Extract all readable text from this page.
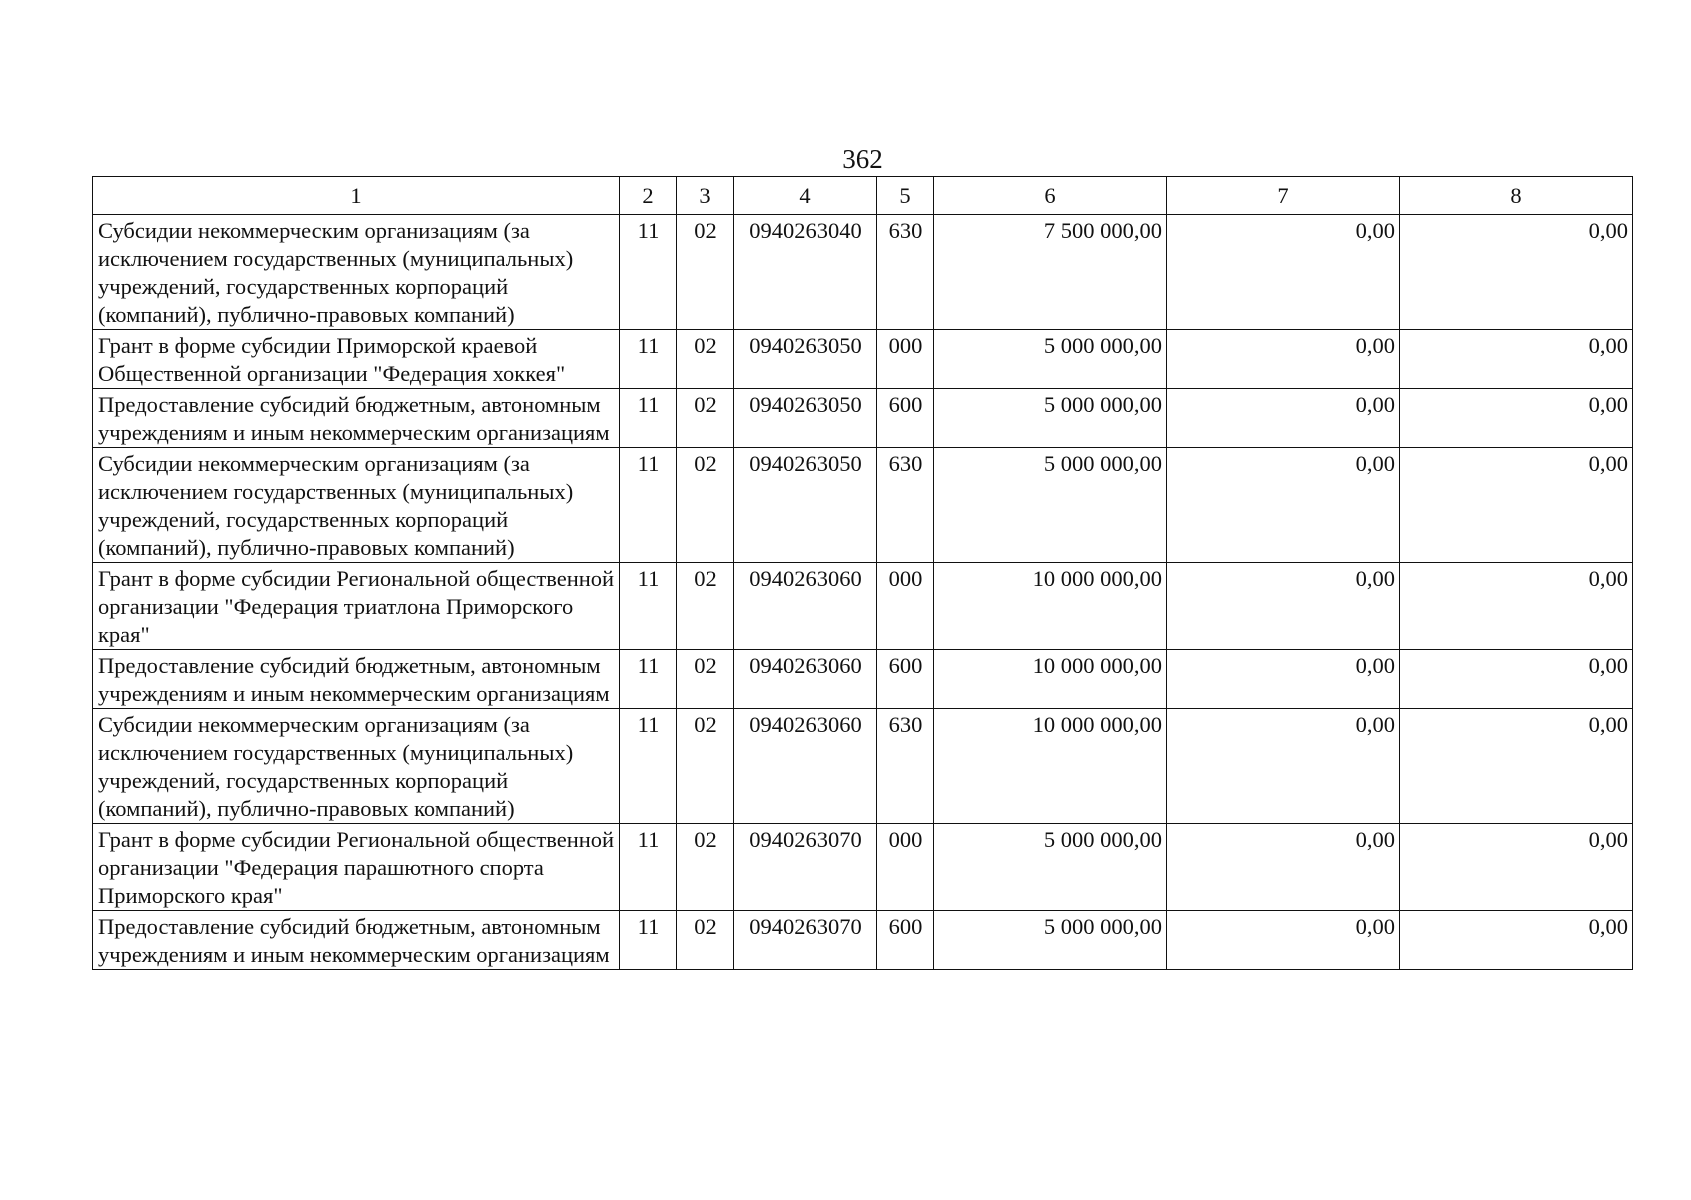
362
1	2	3	4	5	6	7	8
Субсидии некоммерческим организациям (за исключением государственных (муниципальных) учреждений, государственных корпораций (компаний), публично-правовых компаний)	11	02	0940263040	630	7 500 000,00	0,00	0,00
Грант в форме субсидии Приморской краевой Общественной организации "Федерация хоккея"	11	02	0940263050	000	5 000 000,00	0,00	0,00
Предоставление субсидий бюджетным, автономным учреждениям и иным некоммерческим организациям	11	02	0940263050	600	5 000 000,00	0,00	0,00
Субсидии некоммерческим организациям (за исключением государственных (муниципальных) учреждений, государственных корпораций (компаний), публично-правовых компаний)	11	02	0940263050	630	5 000 000,00	0,00	0,00
Грант в форме субсидии Региональной общественной организации "Федерация триатлона Приморского края"	11	02	0940263060	000	10 000 000,00	0,00	0,00
Предоставление субсидий бюджетным, автономным учреждениям и иным некоммерческим организациям	11	02	0940263060	600	10 000 000,00	0,00	0,00
Субсидии некоммерческим организациям (за исключением государственных (муниципальных) учреждений, государственных корпораций (компаний), публично-правовых компаний)	11	02	0940263060	630	10 000 000,00	0,00	0,00
Грант в форме субсидии Региональной общественной организации "Федерация парашютного спорта Приморского края"	11	02	0940263070	000	5 000 000,00	0,00	0,00
Предоставление субсидий бюджетным, автономным учреждениям и иным некоммерческим организациям	11	02	0940263070	600	5 000 000,00	0,00	0,00
